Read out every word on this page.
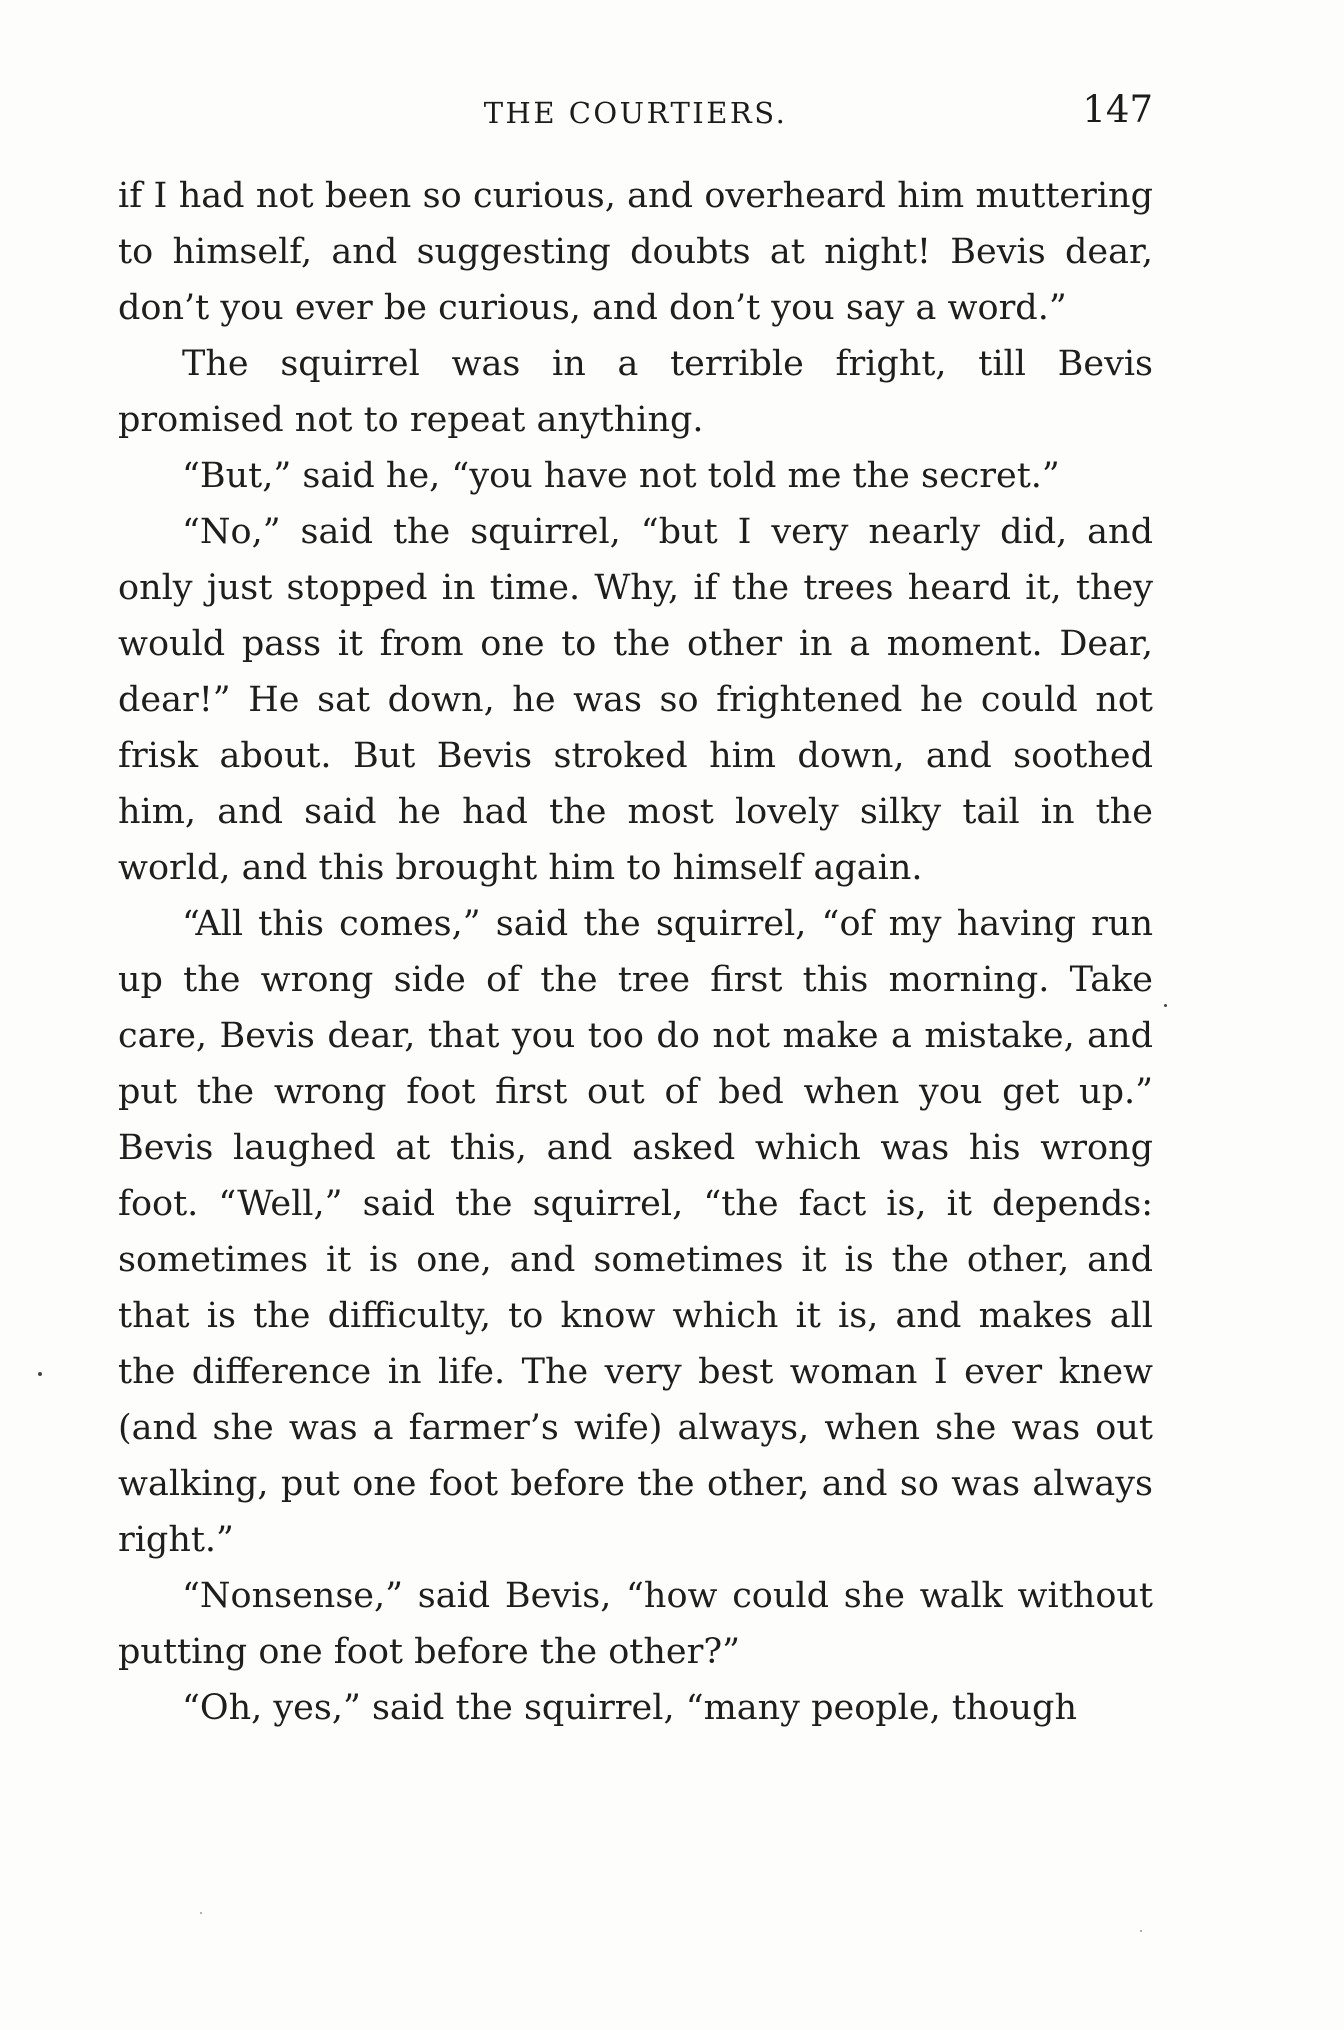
THE COURTIERS.	147

if I had not been so curious, and overheard him muttering to himself, and suggesting doubts at night! Bevis dear, don’t you ever be curious, and don’t you say a word.”

The squirrel was in a terrible fright, till Bevis promised not to repeat anything.

“But,” said he, “you have not told me the secret.”

“No,” said the squirrel, “but I very nearly did, and only just stopped in time. Why, if the trees heard it, they would pass it from one to the other in a moment. Dear, dear!” He sat down, he was so frightened he could not frisk about. But Bevis stroked him down, and soothed him, and said he had the most lovely silky tail in the world, and this brought him to himself again.

“All this comes,” said the squirrel, “of my having run up the wrong side of the tree first this morning. Take care, Bevis dear, that you too do not make a mistake, and put the wrong foot first out of bed when you get up.” Bevis laughed at this, and asked which was his wrong foot. “Well,” said the squirrel, “the fact is, it depends: sometimes it is one, and sometimes it is the other, and that is the difficulty, to know which it is, and makes all the difference in life. The very best woman I ever knew (and she was a farmer’s wife) always, when she was out walking, put one foot before the other, and so was always right.”

“Nonsense,” said Bevis, “how could she walk without putting one foot before the other?”

“Oh, yes,” said the squirrel, “many people, though
